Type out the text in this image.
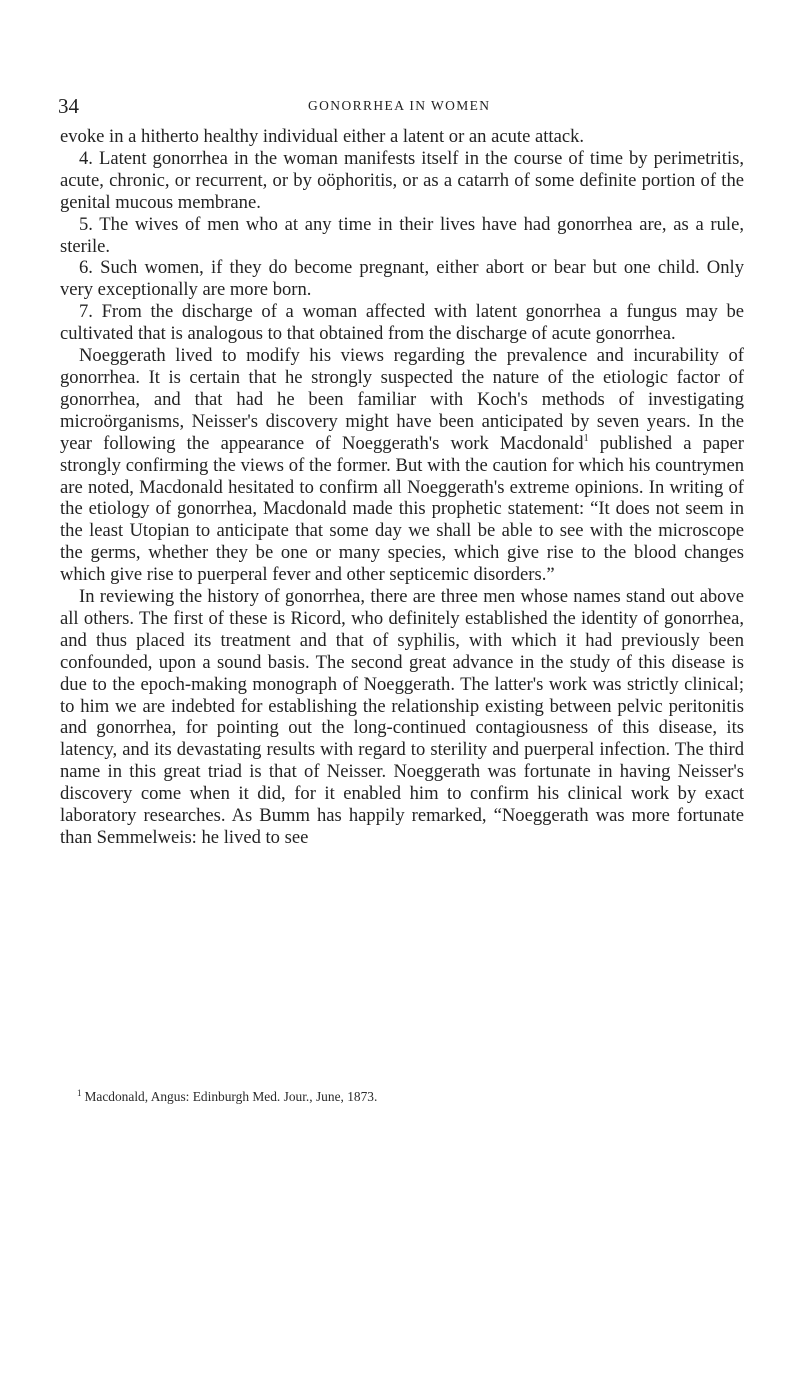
34	GONORRHEA IN WOMEN

evoke in a hitherto healthy individual either a latent or an acute attack.

4. Latent gonorrhea in the woman manifests itself in the course of time by perimetritis, acute, chronic, or recurrent, or by oöphoritis, or as a catarrh of some definite portion of the genital mucous membrane.

5. The wives of men who at any time in their lives have had gonorrhea are, as a rule, sterile.

6. Such women, if they do become pregnant, either abort or bear but one child. Only very exceptionally are more born.

7. From the discharge of a woman affected with latent gonorrhea a fungus may be cultivated that is analogous to that obtained from the discharge of acute gonorrhea.

Noeggerath lived to modify his views regarding the prevalence and incurability of gonorrhea. It is certain that he strongly suspected the nature of the etiologic factor of gonorrhea, and that had he been familiar with Koch's methods of investigating microörganisms, Neisser's discovery might have been anticipated by seven years. In the year following the appearance of Noeggerath's work Macdonald$^1$ published a paper strongly confirming the views of the former. But with the caution for which his countrymen are noted, Macdonald hesitated to confirm all Noeggerath's extreme opinions. In writing of the etiology of gonorrhea, Macdonald made this prophetic statement: “It does not seem in the least Utopian to anticipate that some day we shall be able to see with the microscope the germs, whether they be one or many species, which give rise to the blood changes which give rise to puerperal fever and other septicemic disorders.”

In reviewing the history of gonorrhea, there are three men whose names stand out above all others. The first of these is Ricord, who definitely established the identity of gonorrhea, and thus placed its treatment and that of syphilis, with which it had previously been confounded, upon a sound basis. The second great advance in the study of this disease is due to the epoch-making monograph of Noeggerath. The latter's work was strictly clinical; to him we are indebted for establishing the relationship existing between pelvic peritonitis and gonorrhea, for pointing out the long-continued contagiousness of this disease, its latency, and its devastating results with regard to sterility and puerperal infection. The third name in this great triad is that of Neisser. Noeggerath was fortunate in having Neisser's discovery come when it did, for it enabled him to confirm his clinical work by exact laboratory researches. As Bumm has happily remarked, “Noeggerath was more fortunate than Semmelweis: he lived to see

$^1$ Macdonald, Angus: Edinburgh Med. Jour., June, 1873.
